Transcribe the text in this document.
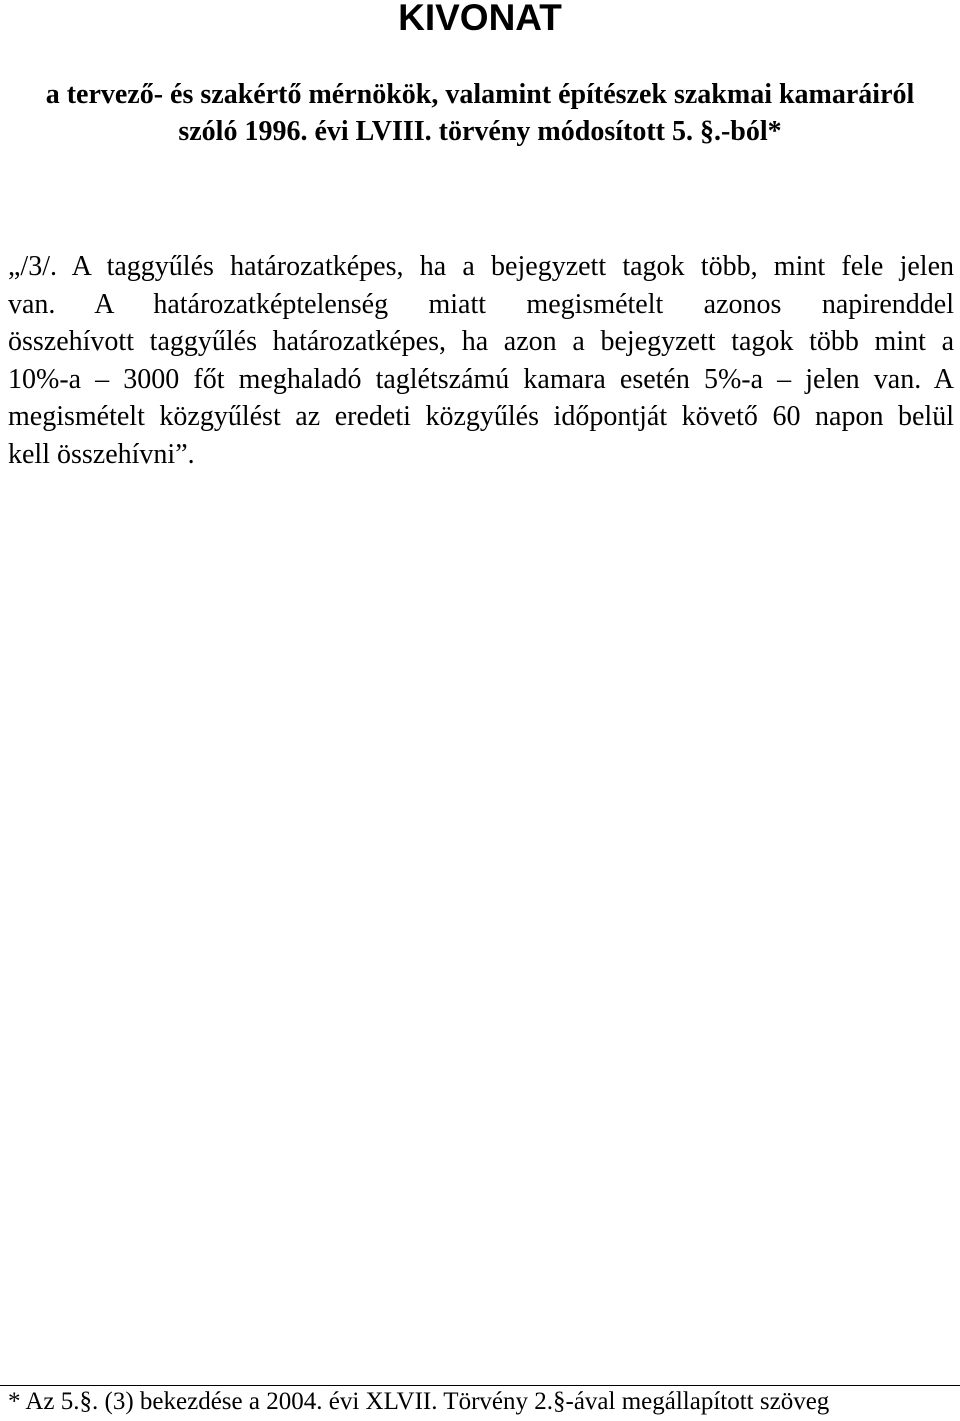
KIVONAT
a tervező- és szakértő mérnökök, valamint építészek szakmai kamaráiról
szóló 1996. évi LVIII. törvény módosított 5. §.-ból*
„/3/. A taggyűlés határozatképes, ha a bejegyzett tagok több, mint fele jelen
van. A határozatképtelenség miatt megismételt azonos napirenddel
összehívott taggyűlés határozatképes, ha azon a bejegyzett tagok több mint a
10%-a – 3000 főt meghaladó taglétszámú kamara esetén 5%-a – jelen van. A
megismételt közgyűlést az eredeti közgyűlés időpontját követő 60 napon belül
kell összehívni”.

* Az 5.§. (3) bekezdése a 2004. évi XLVII. Törvény 2.§-ával megállapított szöveg
